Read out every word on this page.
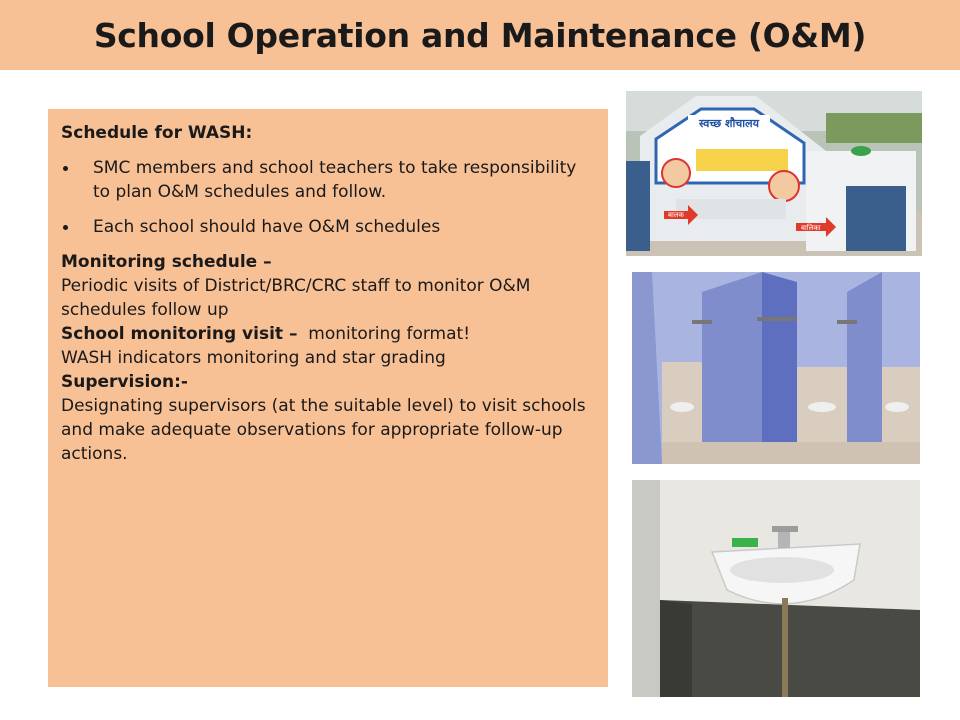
School Operation and Maintenance (O&M)

Schedule for WASH:

SMC members and school teachers to take responsibility to plan O&M schedules and follow.
Each school should have O&M schedules

Monitoring schedule –

Periodic visits of District/BRC/CRC staff to monitor O&M schedules follow up

School monitoring visit –  monitoring format!

WASH indicators monitoring and star grading

Supervision:-

Designating supervisors (at the suitable level) to visit schools and make adequate observations for appropriate follow-up actions.

स्वच्छ शौचालय
बालक
बालिका
